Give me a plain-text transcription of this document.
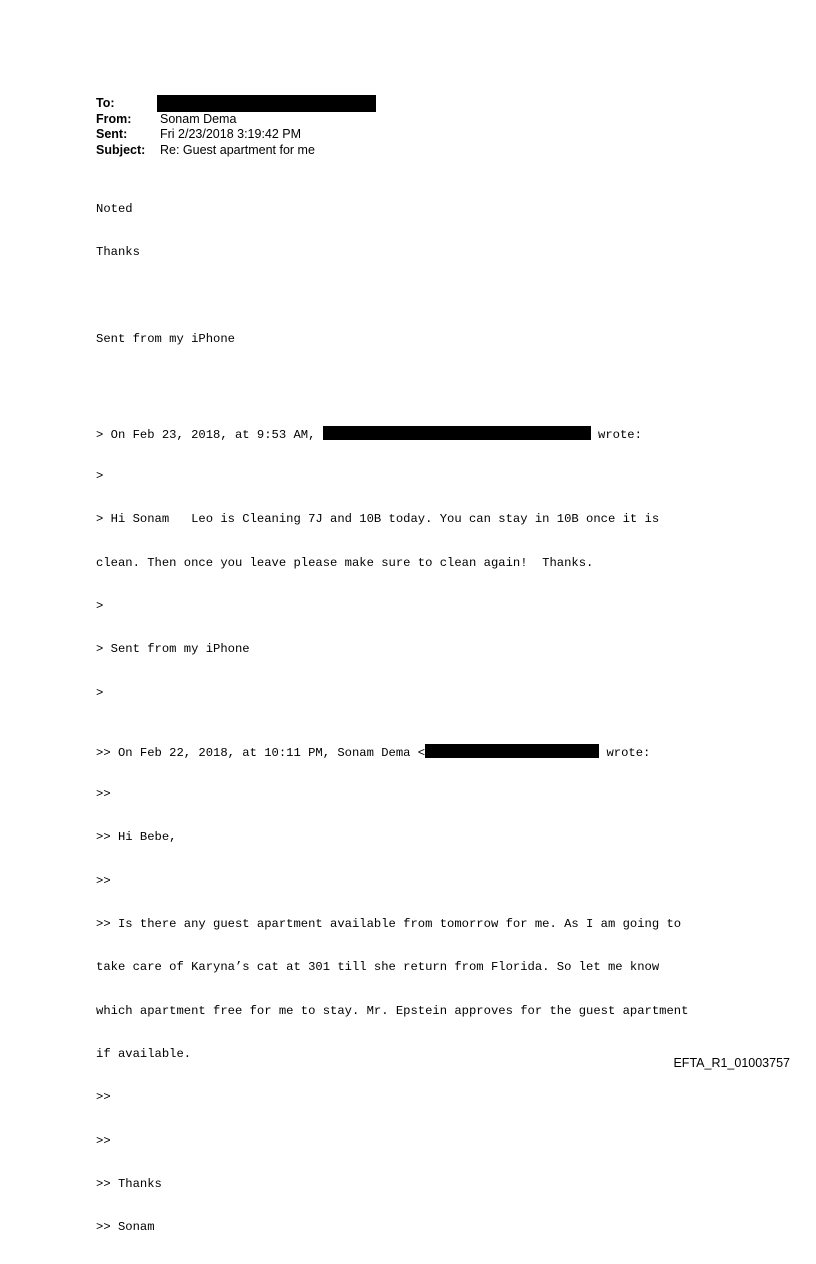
To:
From:	Sonam Dema
Sent:	Fri 2/23/2018 3:19:42 PM
Subject:	Re: Guest apartment for me

Noted

Thanks

Sent from my iPhone

> On Feb 23, 2018, at 9:53 AM,	wrote:

>

> Hi Sonam   Leo is Cleaning 7J and 10B today. You can stay in 10B once it is

clean. Then once you leave please make sure to clean again!  Thanks.

>

> Sent from my iPhone

>

>> On Feb 22, 2018, at 10:11 PM, Sonam Dema <	wrote:

>>

>> Hi Bebe,

>>

>> Is there any guest apartment available from tomorrow for me. As I am going to

take care of Karyna’s cat at 301 till she return from Florida. So let me know

which apartment free for me to stay. Mr. Epstein approves for the guest apartment

if available.

>>

>>

>> Thanks

>> Sonam

EFTA_R1_01003757
